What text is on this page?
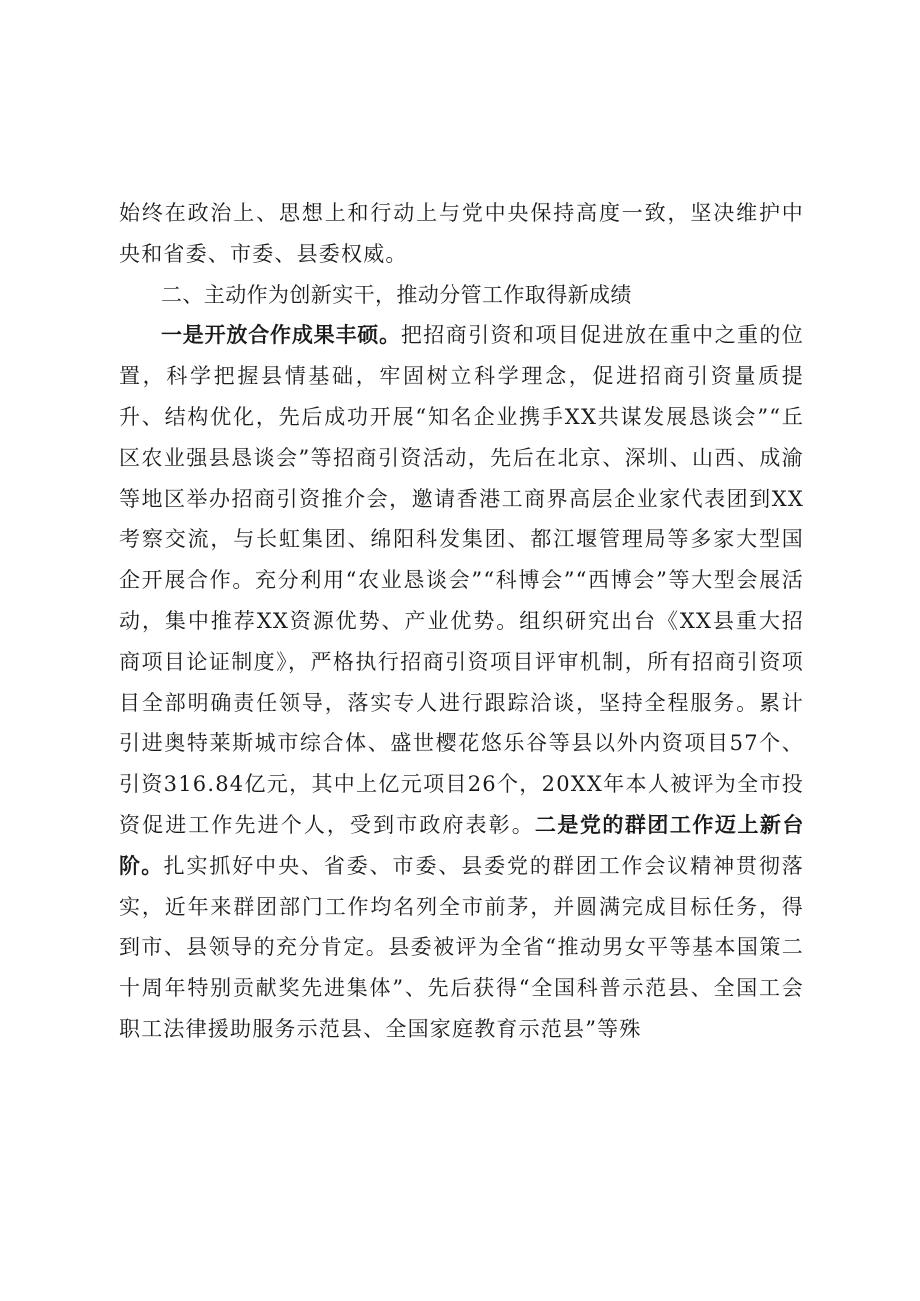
始终在政治上、思想上和行动上与党中央保持高度一致，坚决维护中央和省委、市委、县委权威。

二、主动作为创新实干，推动分管工作取得新成绩

一是开放合作成果丰硕。把招商引资和项目促进放在重中之重的位置，科学把握县情基础，牢固树立科学理念，促进招商引资量质提升、结构优化，先后成功开展“知名企业携手XX共谋发展恳谈会”“丘区农业强县恳谈会”等招商引资活动，先后在北京、深圳、山西、成渝等地区举办招商引资推介会，邀请香港工商界高层企业家代表团到XX考察交流，与长虹集团、绵阳科发集团、都江堰管理局等多家大型国企开展合作。充分利用“农业恳谈会”“科博会”“西博会”等大型会展活动，集中推荐XX资源优势、产业优势。组织研究出台《XX县重大招商项目论证制度》，严格执行招商引资项目评审机制，所有招商引资项目全部明确责任领导，落实专人进行跟踪洽谈，坚持全程服务。累计引进奥特莱斯城市综合体、盛世樱花悠乐谷等县以外内资项目57个、引资316.84亿元，其中上亿元项目26个，20XX年本人被评为全市投资促进工作先进个人，受到市政府表彰。二是党的群团工作迈上新台阶。扎实抓好中央、省委、市委、县委党的群团工作会议精神贯彻落实，近年来群团部门工作均名列全市前茅，并圆满完成目标任务，得到市、县领导的充分肯定。县委被评为全省“推动男女平等基本国策二十周年特别贡献奖先进集体”、先后获得“全国科普示范县、全国工会职工法律援助服务示范县、全国家庭教育示范县”等殊
